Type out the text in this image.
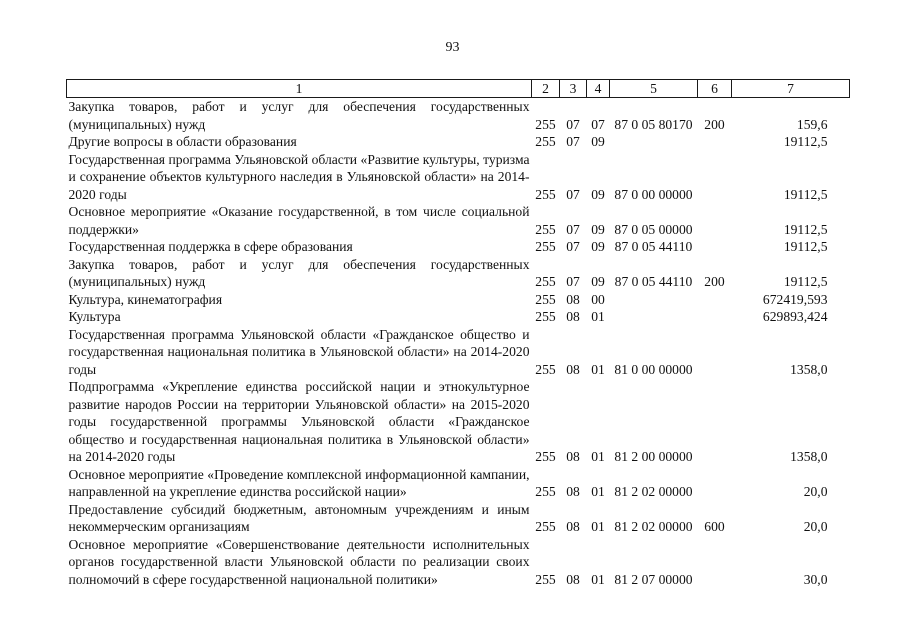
93
1	2	3	4	5	6	7
Закупка товаров, работ и услуг для обеспечения государственных (муниципальных) нужд	255	07	07	87 0 05 80170	200	159,6
Другие вопросы в области образования	255	07	09			19112,5
Государственная программа Ульяновской области «Развитие культуры, туризма и сохранение объектов культурного наследия в Ульяновской области» на 2014-2020 годы	255	07	09	87 0 00 00000		19112,5
Основное мероприятие «Оказание государственной, в том числе социальной поддержки»	255	07	09	87 0 05 00000		19112,5
Государственная поддержка в сфере образования	255	07	09	87 0 05 44110		19112,5
Закупка товаров, работ и услуг для обеспечения государственных (муниципальных) нужд	255	07	09	87 0 05 44110	200	19112,5
Культура, кинематография	255	08	00			672419,593
Культура	255	08	01			629893,424
Государственная программа Ульяновской области «Гражданское общество и государственная национальная политика в Ульяновской области» на 2014-2020 годы	255	08	01	81 0 00 00000		1358,0
Подпрограмма «Укрепление единства российской нации и этнокультурное развитие народов России на территории Ульяновской области» на 2015-2020 годы государственной программы Ульяновской области «Гражданское общество и государственная национальная политика в Ульяновской области» на 2014-2020 годы	255	08	01	81 2 00 00000		1358,0
Основное мероприятие «Проведение комплексной информационной кампании, направленной на укрепление единства российской нации»	255	08	01	81 2 02 00000		20,0
Предоставление субсидий бюджетным, автономным учреждениям и иным некоммерческим организациям	255	08	01	81 2 02 00000	600	20,0
Основное мероприятие «Совершенствование деятельности исполнительных органов государственной власти Ульяновской области по реализации своих полномочий в сфере государственной национальной политики»	255	08	01	81 2 07 00000		30,0
